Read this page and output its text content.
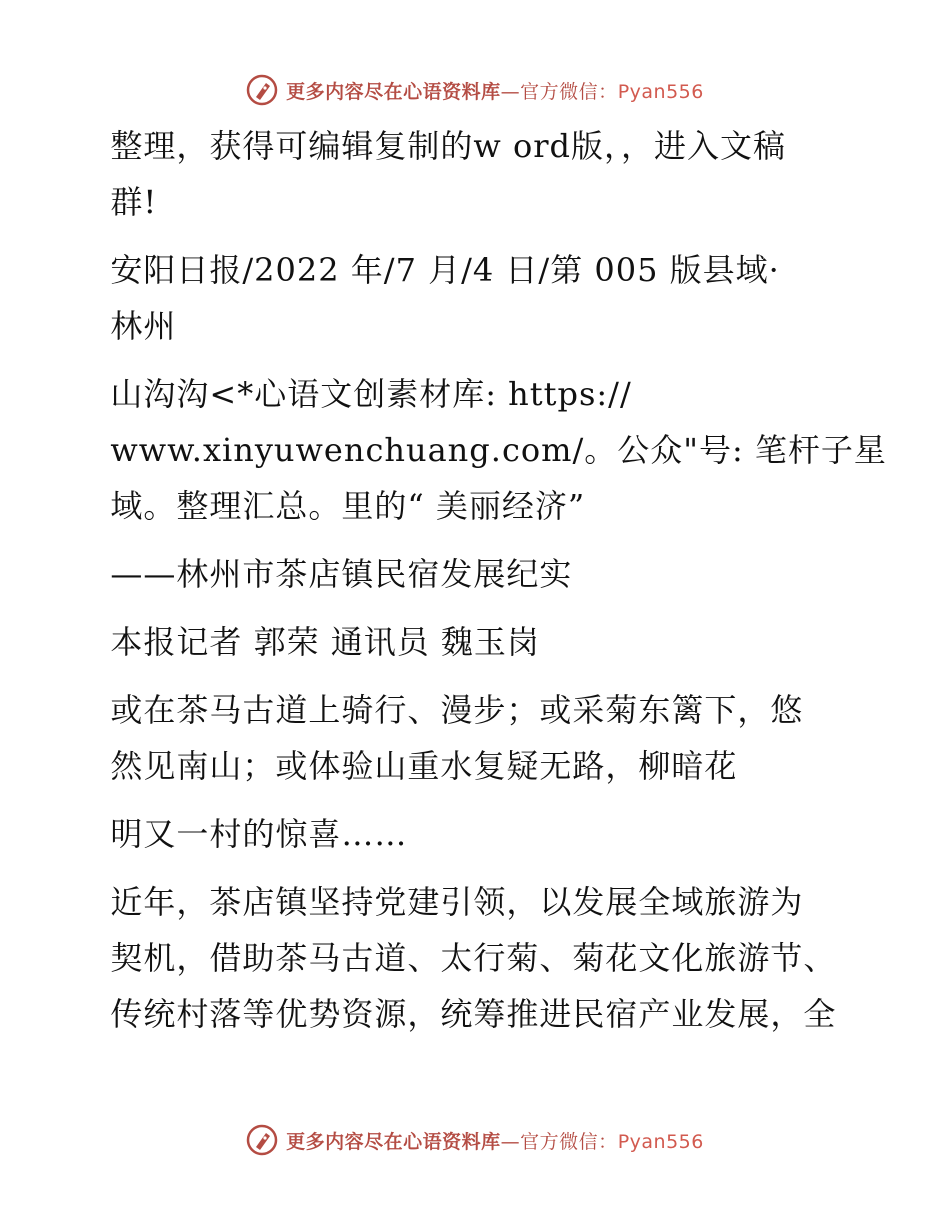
更多内容尽在心语资料库—官方微信：Pyan556

整理，获得可编辑复制的w ord版，，进入文稿
群!

安阳日报/2022 年/7 月/4 日/第 005 版县域·
林州

山沟沟<*心语文创素材库: https://
www.xinyuwenchuang.com/。公众"号: 笔杆子星
域。整理汇总。里的“ 美丽经济”

——林州市茶店镇民宿发展纪实

本报记者 郭荣 通讯员 魏玉岗

或在茶马古道上骑行、漫步；或采菊东篱下，悠
然见南山；或体验山重水复疑无路，柳暗花

明又一村的惊喜……

近年，茶店镇坚持党建引领，以发展全域旅游为
契机，借助茶马古道、太行菊、菊花文化旅游节、
传统村落等优势资源，统筹推进民宿产业发展，全

更多内容尽在心语资料库—官方微信：Pyan556
